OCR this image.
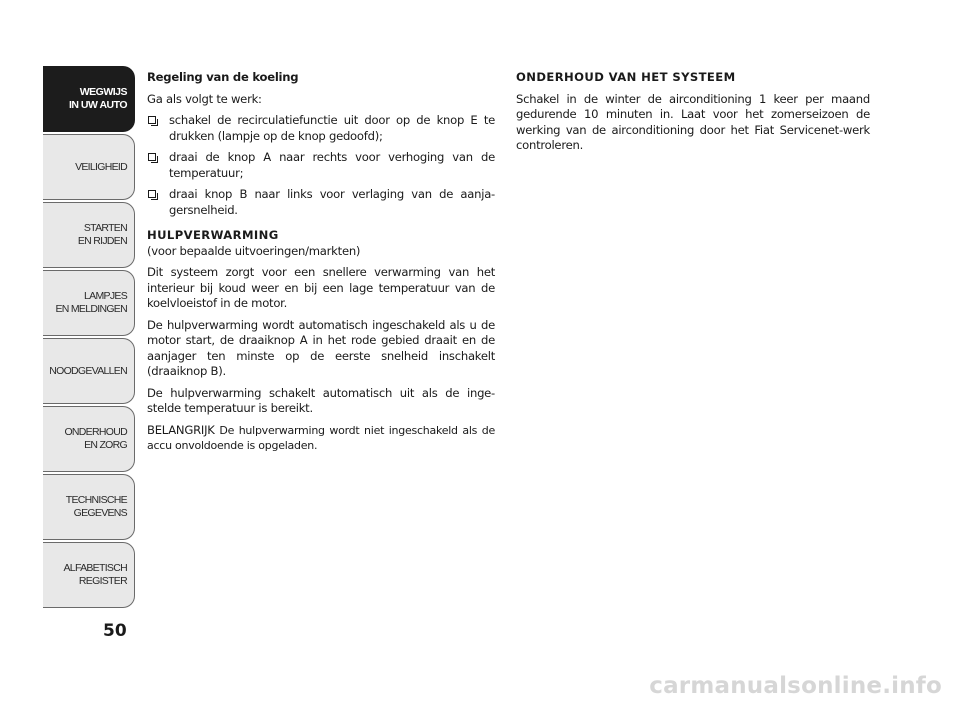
WEGWIJS
IN UW AUTO
VEILIGHEID
STARTEN
EN RIJDEN
LAMPJES
EN MELDINGEN
NOODGEVALLEN
ONDERHOUD
EN ZORG
TECHNISCHE
GEGEVENS
ALFABETISCH
REGISTER
50
Regeling van de koeling

Ga als volgt te werk:

schakel de recirculatiefunctie uit door op de knop E te drukken (lampje op de knop gedoofd);
draai de knop A naar rechts voor verhoging van de temperatuur;
draai knop B naar links voor verlaging van de aanja-gersnelheid.
HULPVERWARMING
(voor bepaalde uitvoeringen/markten)

Dit systeem zorgt voor een snellere verwarming van het interieur bij koud weer en bij een lage temperatuur van de koelvloeistof in de motor.

De hulpverwarming wordt automatisch ingeschakeld als u de motor start, de draaiknop A in het rode gebied draait en de aanjager ten minste op de eerste snelheid inschakelt (draaiknop B).

De hulpverwarming schakelt automatisch uit als de inge-stelde temperatuur is bereikt.

BELANGRIJK De hulpverwarming wordt niet ingeschakeld als de accu onvoldoende is opgeladen.

ONDERHOUD VAN HET SYSTEEM

Schakel in de winter de airconditioning 1 keer per maand gedurende 10 minuten in. Laat voor het zomerseizoen de werking van de airconditioning door het Fiat Servicenet-werk controleren.

carmanualsonline.info
